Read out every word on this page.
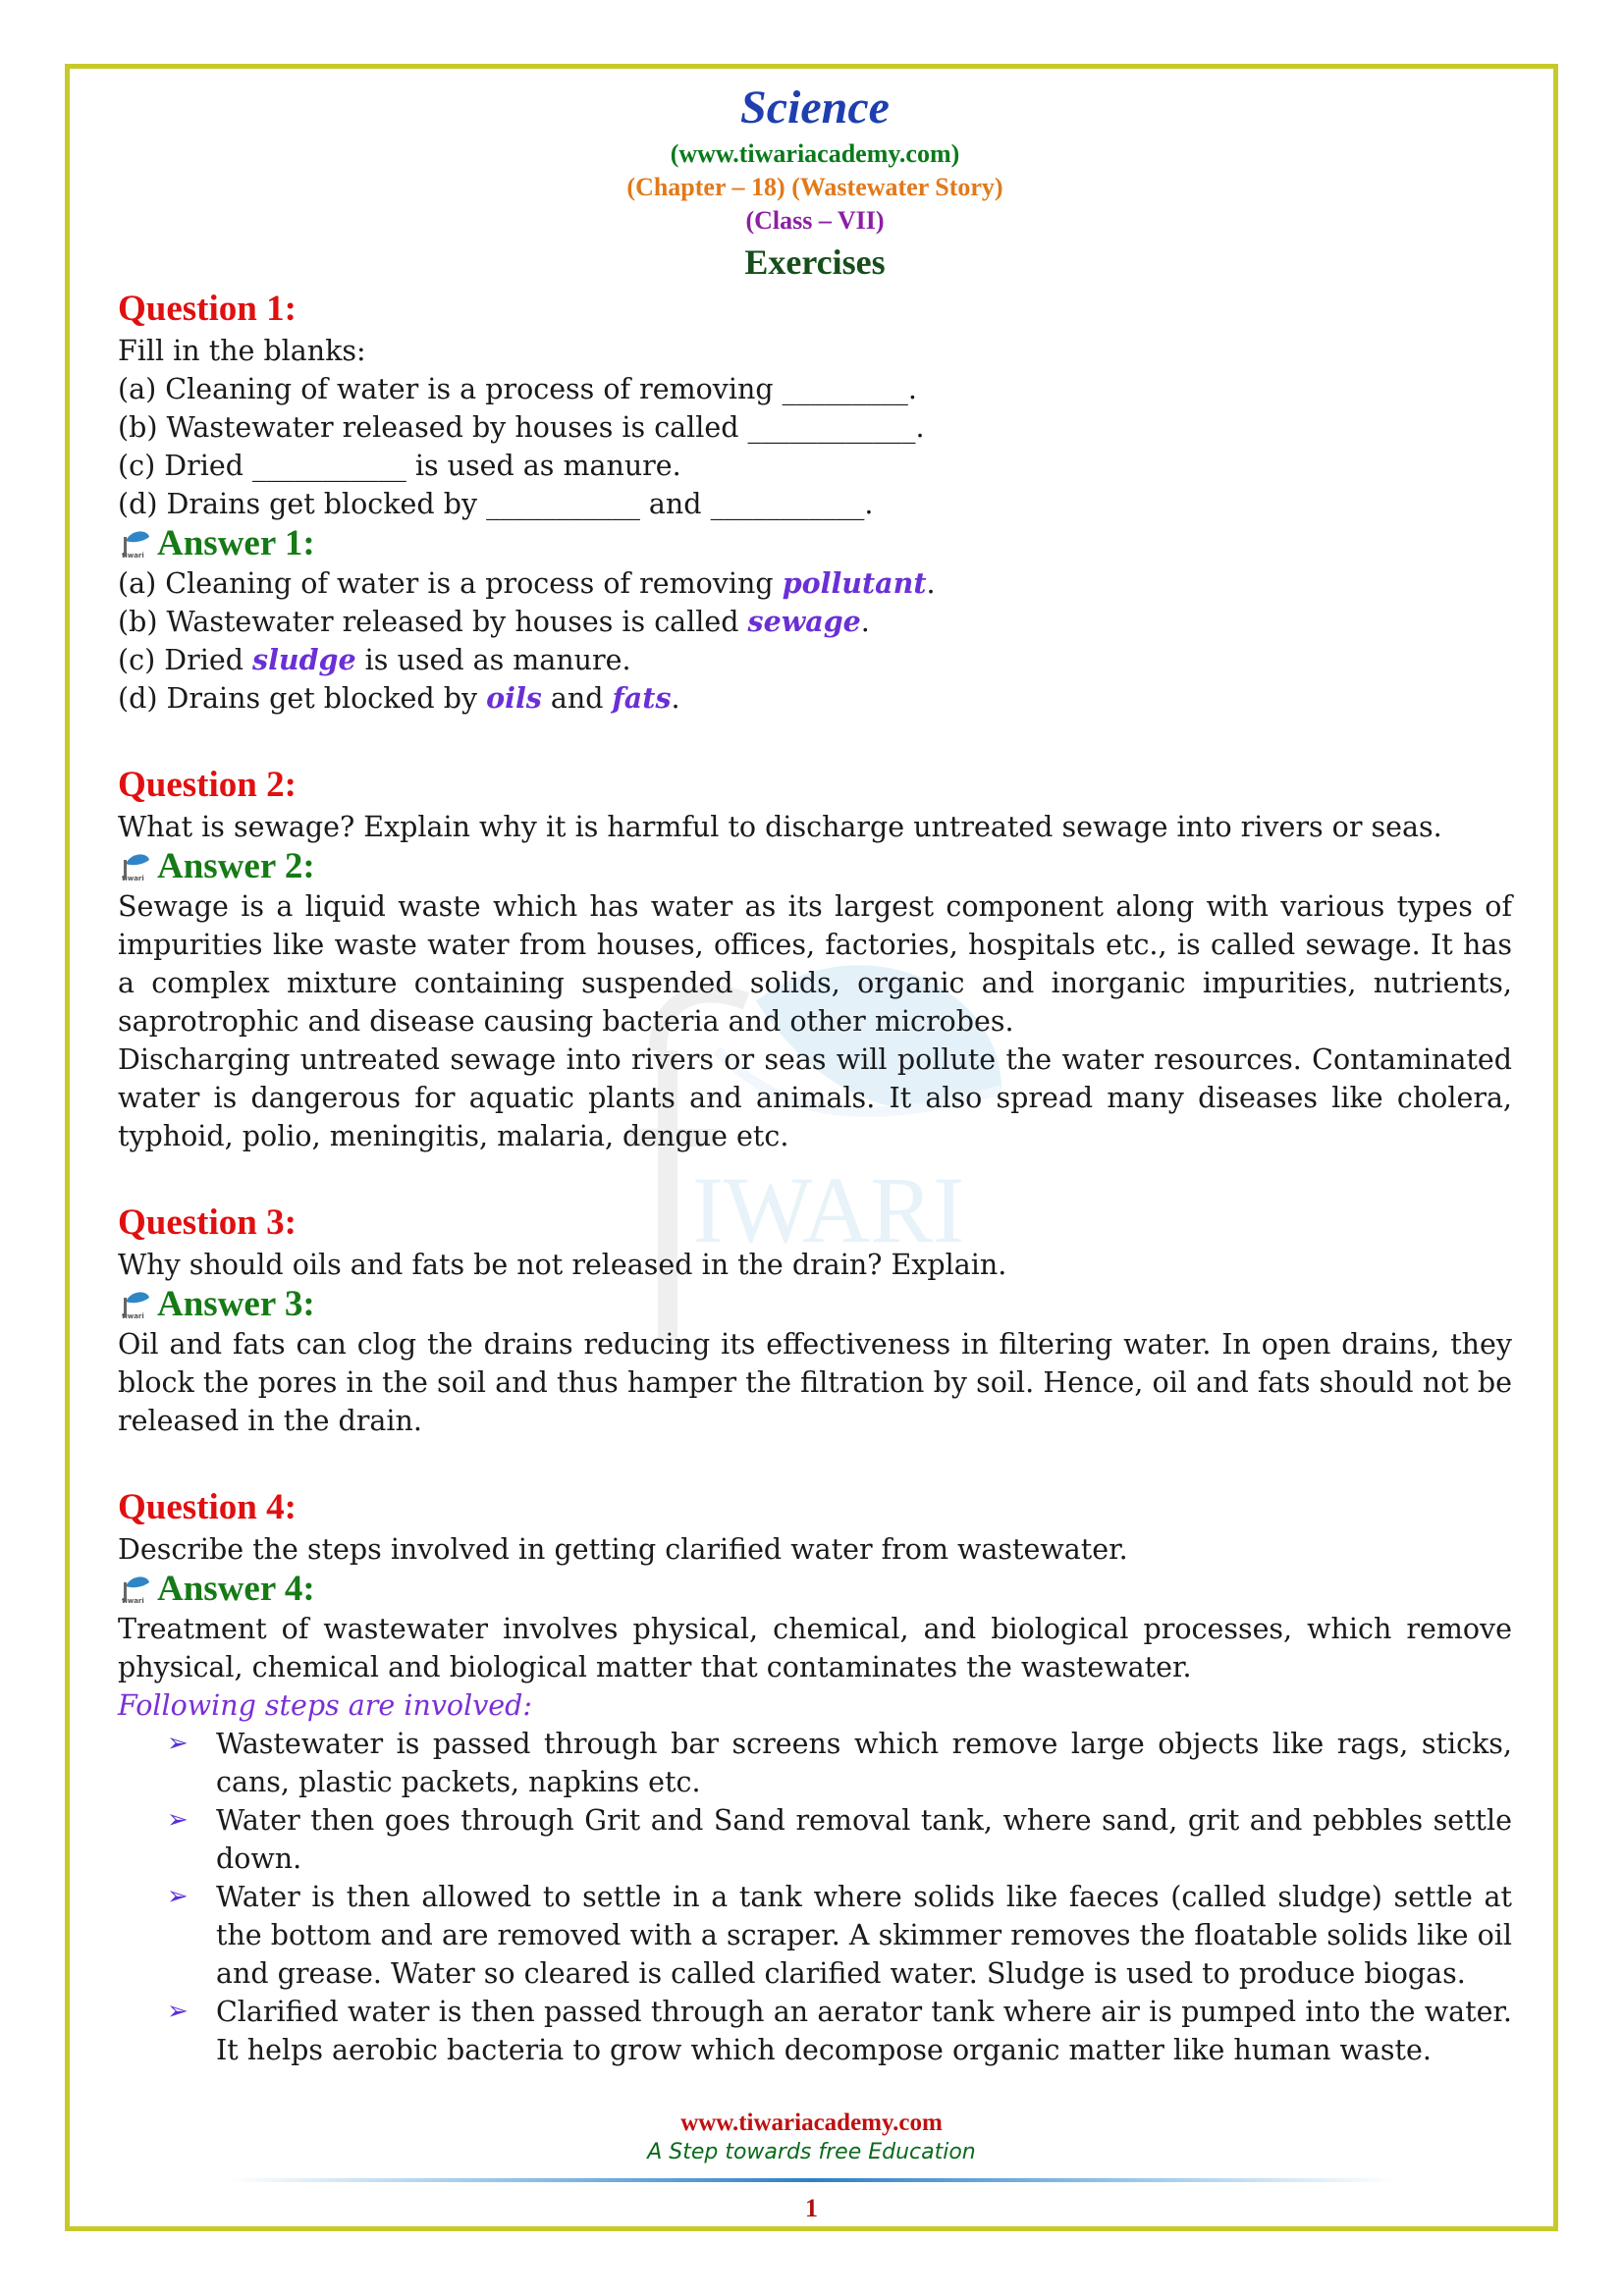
IWARI
Science
(www.tiwariacademy.com)
(Chapter – 18) (Wastewater Story)
(Class – VII)
Exercises
Question 1:
Fill in the blanks:
(a) Cleaning of water is a process of removing _________.
(b) Wastewater released by houses is called ____________.
(c) Dried ___________ is used as manure.
(d) Drains get blocked by ___________ and ___________.
tiwari Answer 1:
(a) Cleaning of water is a process of removing pollutant.
(b) Wastewater released by houses is called sewage.
(c) Dried sludge is used as manure.
(d) Drains get blocked by oils and fats.
Question 2:
What is sewage? Explain why it is harmful to discharge untreated sewage into rivers or seas.
tiwari Answer 2:
Sewage is a liquid waste which has water as its largest component along with various types of impurities like waste water from houses, offices, factories, hospitals etc., is called sewage. It has a complex mixture containing suspended solids, organic and inorganic impurities, nutrients, saprotrophic and disease causing bacteria and other microbes.
Discharging untreated sewage into rivers or seas will pollute the water resources. Contaminated water is dangerous for aquatic plants and animals. It also spread many diseases like cholera, typhoid, polio, meningitis, malaria, dengue etc.
Question 3:
Why should oils and fats be not released in the drain? Explain.
tiwari Answer 3:
Oil and fats can clog the drains reducing its effectiveness in filtering water. In open drains, they block the pores in the soil and thus hamper the filtration by soil. Hence, oil and fats should not be released in the drain.
Question 4:
Describe the steps involved in getting clarified water from wastewater.
tiwari Answer 4:
Treatment of wastewater involves physical, chemical, and biological processes, which remove physical, chemical and biological matter that contaminates the wastewater.
Following steps are involved:
➢ Wastewater is passed through bar screens which remove large objects like rags, sticks, cans, plastic packets, napkins etc.
➢ Water then goes through Grit and Sand removal tank, where sand, grit and pebbles settle down.
➢ Water is then allowed to settle in a tank where solids like faeces (called sludge) settle at the bottom and are removed with a scraper. A skimmer removes the floatable solids like oil and grease. Water so cleared is called clarified water. Sludge is used to produce biogas.
➢ Clarified water is then passed through an aerator tank where air is pumped into the water. It helps aerobic bacteria to grow which decompose organic matter like human waste.
www.tiwariacademy.com
A Step towards free Education
1
